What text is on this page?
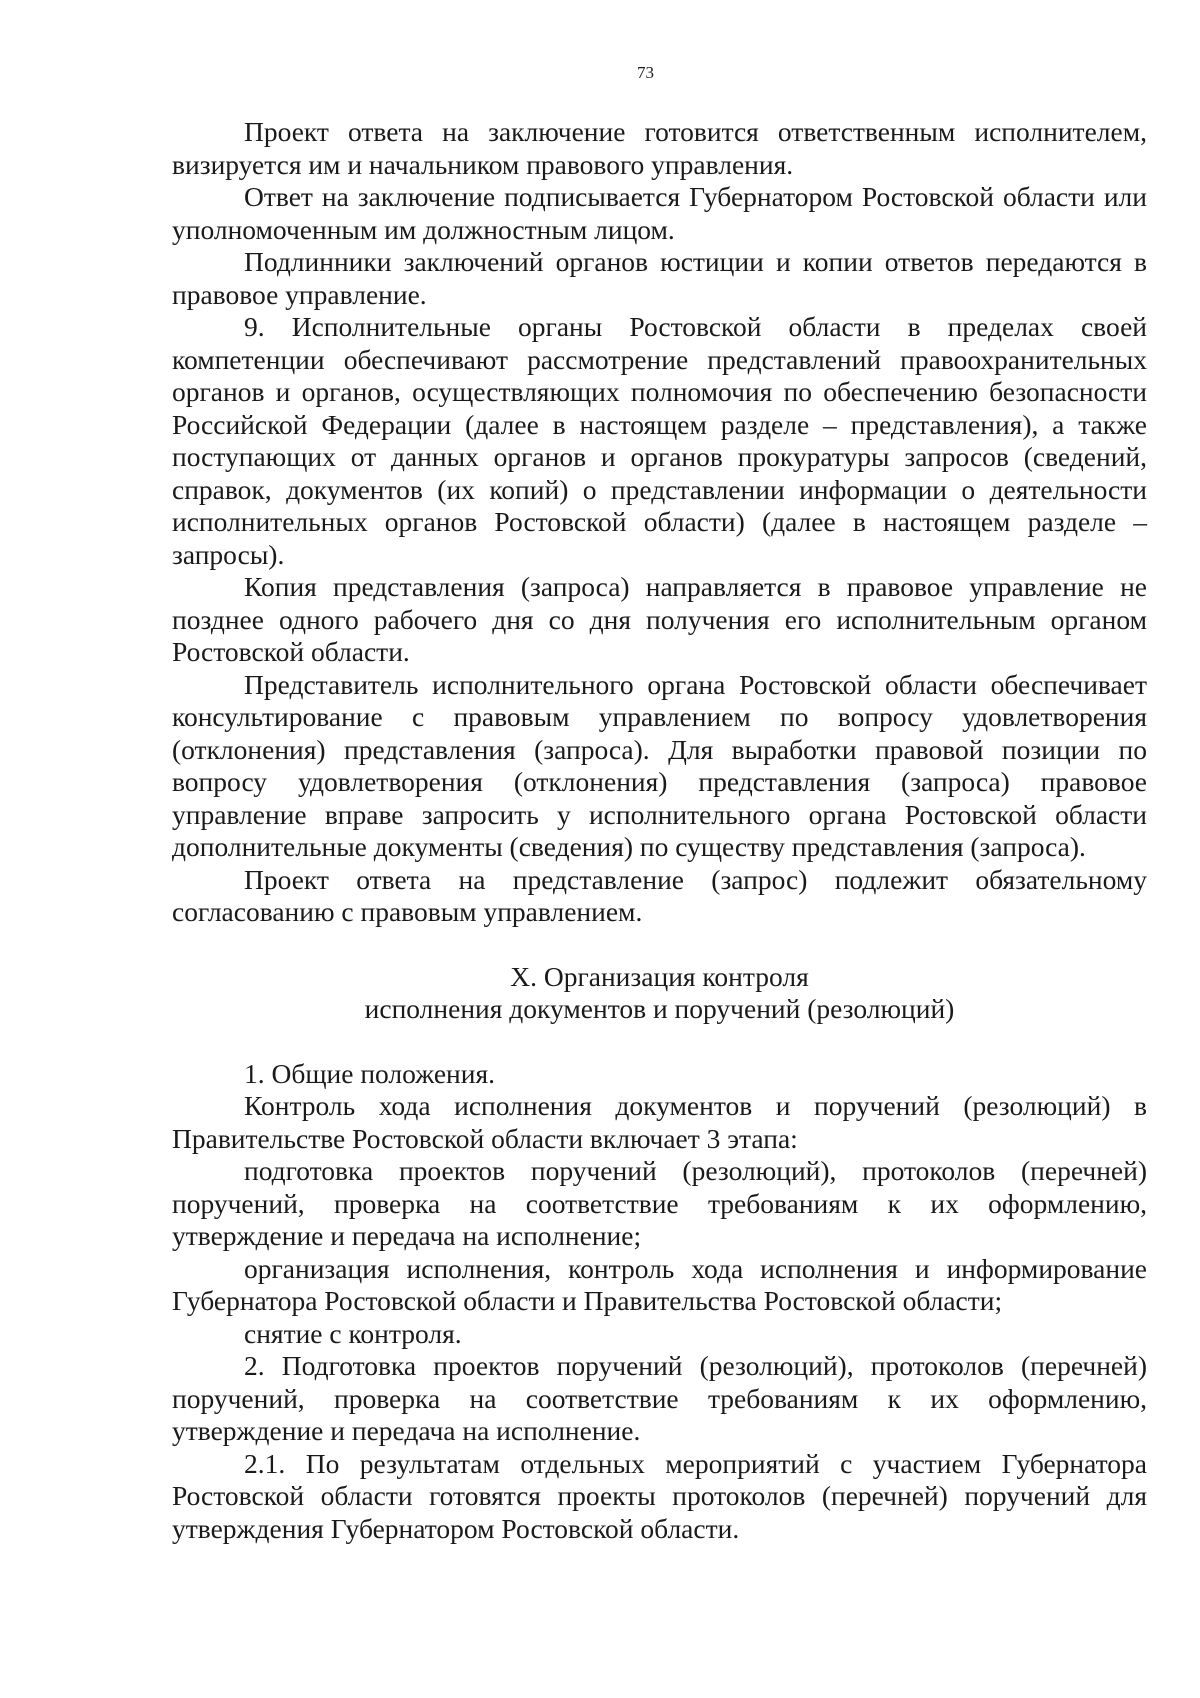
73

Проект ответа на заключение готовится ответственным исполнителем, визируется им и начальником правового управления.

Ответ на заключение подписывается Губернатором Ростовской области или уполномоченным им должностным лицом.

Подлинники заключений органов юстиции и копии ответов передаются в правовое управление.

9. Исполнительные органы Ростовской области в пределах своей компетенции обеспечивают рассмотрение представлений правоохранительных органов и органов, осуществляющих полномочия по обеспечению безопасности Российской Федерации (далее в настоящем разделе – представления), а также поступающих от данных органов и органов прокуратуры запросов (сведений, справок, документов (их копий) о представлении информации о деятельности исполнительных органов Ростовской области) (далее в настоящем разделе – запросы).

Копия представления (запроса) направляется в правовое управление не позднее одного рабочего дня со дня получения его исполнительным органом Ростовской области.

Представитель исполнительного органа Ростовской области обеспечивает консультирование с правовым управлением по вопросу удовлетворения (отклонения) представления (запроса). Для выработки правовой позиции по вопросу удовлетворения (отклонения) представления (запроса) правовое управление вправе запросить у исполнительного органа Ростовской области дополнительные документы (сведения) по существу представления (запроса).

Проект ответа на представление (запрос) подлежит обязательному согласованию с правовым управлением.

X. Организация контроля
исполнения документов и поручений (резолюций)

1. Общие положения.

Контроль хода исполнения документов и поручений (резолюций) в Правительстве Ростовской области включает 3 этапа:

подготовка проектов поручений (резолюций), протоколов (перечней) поручений, проверка на соответствие требованиям к их оформлению, утверждение и передача на исполнение;

организация исполнения, контроль хода исполнения и информирование Губернатора Ростовской области и Правительства Ростовской области;

снятие с контроля.

2. Подготовка проектов поручений (резолюций), протоколов (перечней) поручений, проверка на соответствие требованиям к их оформлению, утверждение и передача на исполнение.

2.1. По результатам отдельных мероприятий с участием Губернатора Ростовской области готовятся проекты протоколов (перечней) поручений для утверждения Губернатором Ростовской области.
